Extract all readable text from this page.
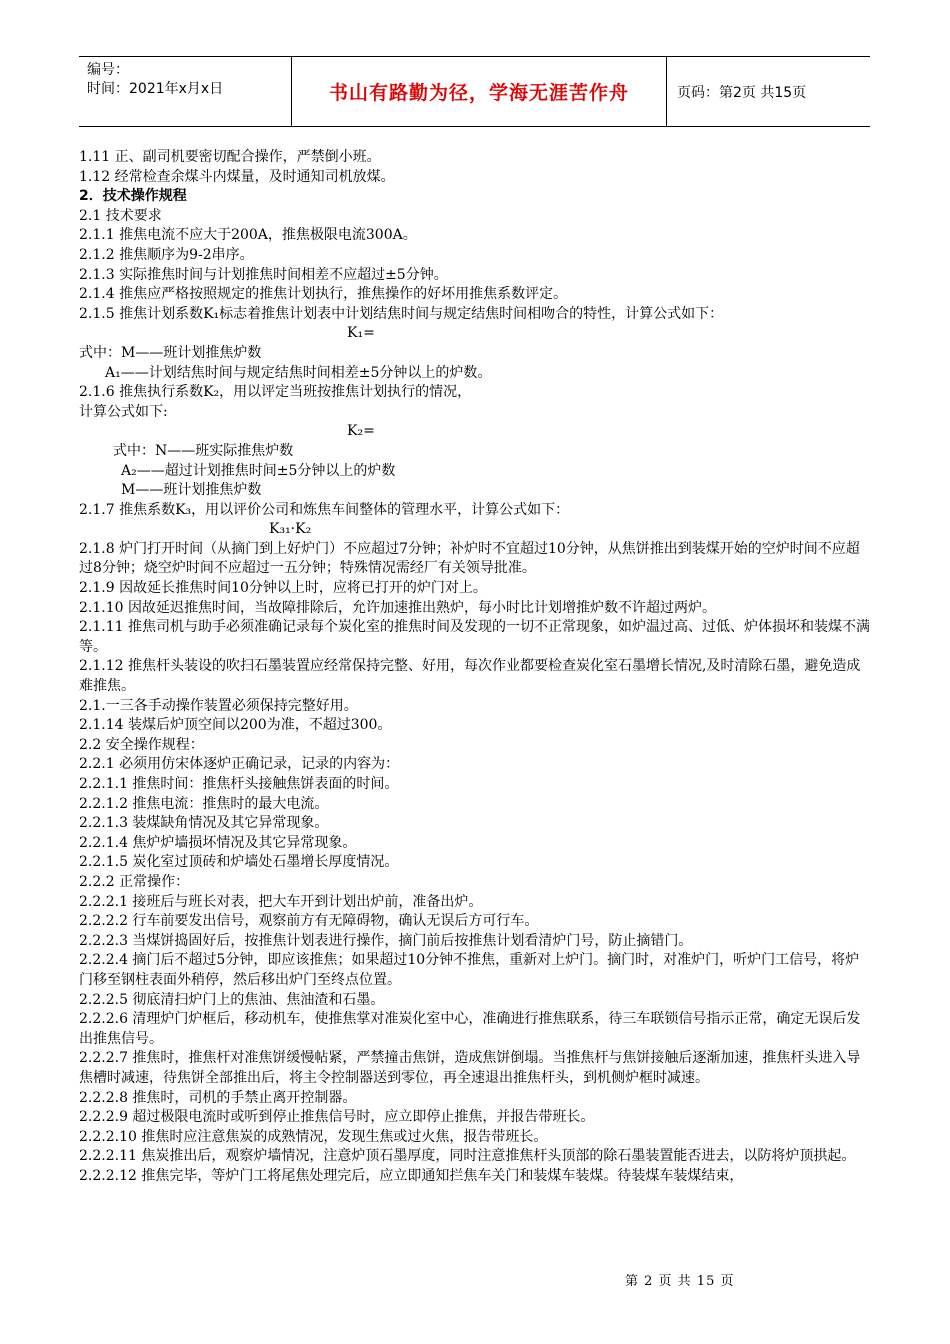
编号：
时间：2021年x月x日	书山有路勤为径，学海无涯苦作舟	页码：第2页 共15页
1.11 正、副司机要密切配合操作，严禁倒小班。
1.12 经常检查余煤斗内煤量，及时通知司机放煤。
2．技术操作规程
2.1 技术要求
2.1.1 推焦电流不应大于200A，推焦极限电流300A。
2.1.2 推焦顺序为9-2串序。
2.1.3 实际推焦时间与计划推焦时间相差不应超过±5分钟。
2.1.4 推焦应严格按照规定的推焦计划执行，推焦操作的好坏用推焦系数评定。
2.1.5 推焦计划系数K₁标志着推焦计划表中计划结焦时间与规定结焦时间相吻合的特性，计算公式如下：
K₁=
式中：M——班计划推焦炉数
A₁——计划结焦时间与规定结焦时间相差±5分钟以上的炉数。
2.1.6 推焦执行系数K₂，用以评定当班按推焦计划执行的情况，
计算公式如下:
K₂=
式中：N——班实际推焦炉数
A₂——超过计划推焦时间±5分钟以上的炉数
M——班计划推焦炉数
2.1.7 推焦系数K₃，用以评价公司和炼焦车间整体的管理水平，计算公式如下：
K₃₁·K₂
2.1.8 炉门打开时间（从摘门到上好炉门）不应超过7分钟；补炉时不宜超过10分钟，从焦饼推出到装煤开始的空炉时间不应超过8分钟；烧空炉时间不应超过一五分钟；特殊情况需经厂有关领导批准。
2.1.9 因故延长推焦时间10分钟以上时，应将已打开的炉门对上。
2.1.10 因故延迟推焦时间，当故障排除后，允许加速推出熟炉，每小时比计划增推炉数不许超过两炉。
2.1.11 推焦司机与助手必须准确记录每个炭化室的推焦时间及发现的一切不正常现象，如炉温过高、过低、炉体损坏和装煤不满等。
2.1.12 推焦杆头装设的吹扫石墨装置应经常保持完整、好用，每次作业都要检查炭化室石墨增长情况,及时清除石墨，避免造成难推焦。
2.1.一三各手动操作装置必须保持完整好用。
2.1.14 装煤后炉顶空间以200为准，不超过300。
2.2 安全操作规程：
2.2.1 必须用仿宋体逐炉正确记录，记录的内容为：
2.2.1.1 推焦时间：推焦杆头接触焦饼表面的时间。
2.2.1.2 推焦电流：推焦时的最大电流。
2.2.1.3 装煤缺角情况及其它异常现象。
2.2.1.4 焦炉炉墙损坏情况及其它异常现象。
2.2.1.5 炭化室过顶砖和炉墙处石墨增长厚度情况。
2.2.2 正常操作：
2.2.2.1 接班后与班长对表，把大车开到计划出炉前，准备出炉。
2.2.2.2 行车前要发出信号，观察前方有无障碍物，确认无误后方可行车。
2.2.2.3 当煤饼捣固好后，按推焦计划表进行操作，摘门前后按推焦计划看清炉门号，防止摘错门。
2.2.2.4 摘门后不超过5分钟，即应该推焦；如果超过10分钟不推焦，重新对上炉门。摘门时，对准炉门，听炉门工信号，将炉门移至钢柱表面外稍停，然后移出炉门至终点位置。
2.2.2.5 彻底清扫炉门上的焦油、焦油渣和石墨。
2.2.2.6 清理炉门炉框后，移动机车，使推焦掌对准炭化室中心，准确进行推焦联系，待三车联锁信号指示正常，确定无误后发出推焦信号。
2.2.2.7 推焦时，推焦杆对准焦饼缓慢帖紧，严禁撞击焦饼，造成焦饼倒塌。当推焦杆与焦饼接触后逐渐加速，推焦杆头进入导焦槽时减速，待焦饼全部推出后，将主令控制器送到零位，再全速退出推焦杆头，到机侧炉框时减速。
2.2.2.8 推焦时，司机的手禁止离开控制器。
2.2.2.9 超过极限电流时或听到停止推焦信号时，应立即停止推焦，并报告带班长。
2.2.2.10 推焦时应注意焦炭的成熟情况，发现生焦或过火焦，报告带班长。
2.2.2.11 焦炭推出后，观察炉墙情况，注意炉顶石墨厚度，同时注意推焦杆头顶部的除石墨装置能否进去，以防将炉顶拱起。
2.2.2.12 推焦完毕，等炉门工将尾焦处理完后，应立即通知拦焦车关门和装煤车装煤。待装煤车装煤结束，
第 2 页 共 15 页
